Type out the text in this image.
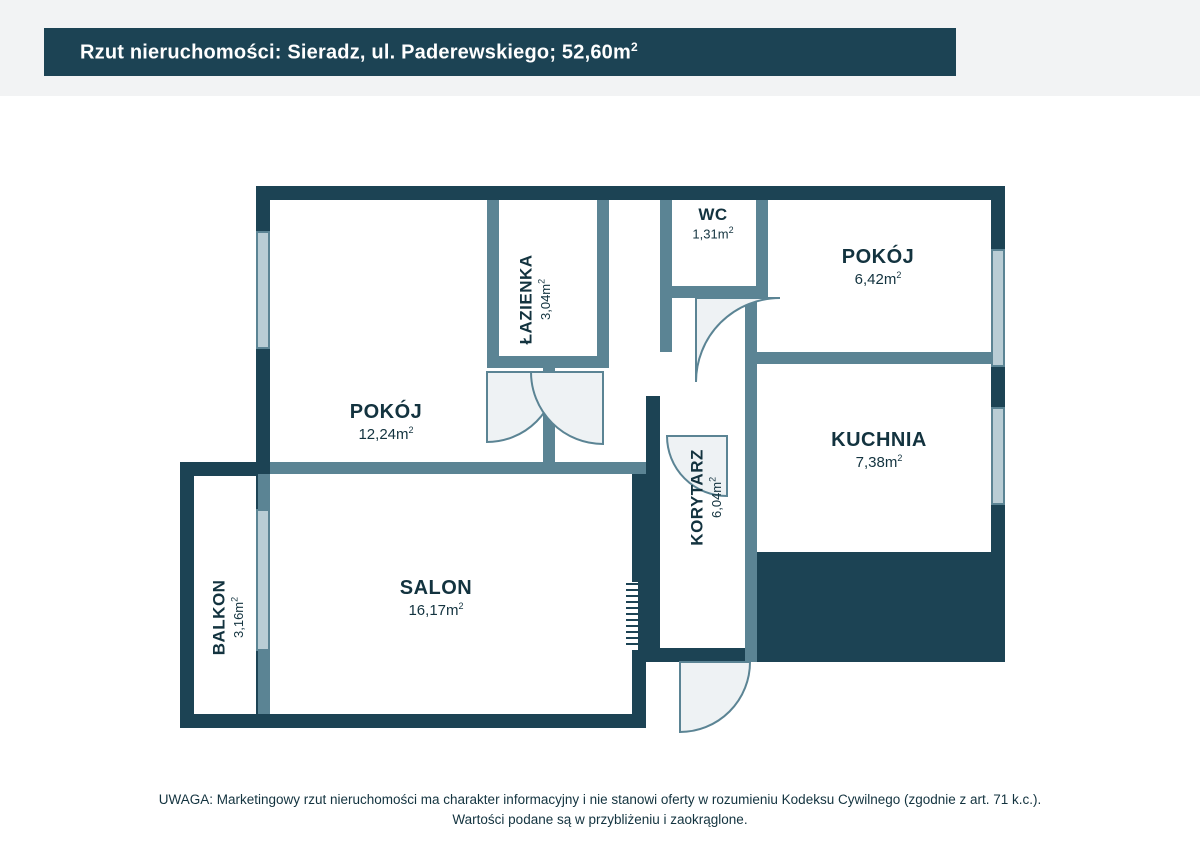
Rzut nieruchomości: Sieradz, ul. Paderewskiego; $52,60m^2$
POKÓJ
$12,24m^2$
ŁAZIENKA $3,04m^2$
WC
$1,31m^2$
POKÓJ
$6,42m^2$
KUCHNIA
$7,38m^2$
KORYTARZ $6,04m^2$
SALON
$16,17m^2$
BALKON $3,16m^2$
UWAGA: Marketingowy rzut nieruchomości ma charakter informacyjny i nie stanowi oferty w rozumieniu Kodeksu Cywilnego (zgodnie z art. 71 k.c.).
Wartości podane są w przybliżeniu i zaokrąglone.
